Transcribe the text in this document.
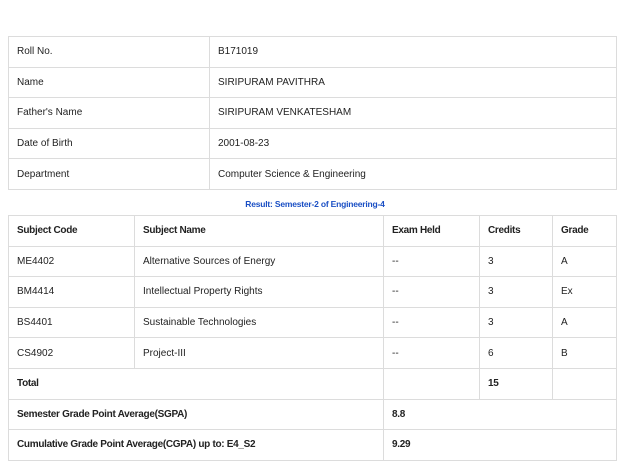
Roll No.	B171019
Name	SIRIPURAM PAVITHRA
Father's Name	SIRIPURAM VENKATESHAM
Date of Birth	2001-08-23
Department	Computer Science & Engineering
Result: Semester-2 of Engineering-4
Subject Code	Subject Name	Exam Held	Credits	Grade
ME4402	Alternative Sources of Energy	--	3	A
BM4414	Intellectual Property Rights	--	3	Ex
BS4401	Sustainable Technologies	--	3	A
CS4902	Project-III	--	6	B
Total			15	
Semester Grade Point Average(SGPA)		8.8		
Cumulative Grade Point Average(CGPA) up to: E4_S2		9.29		
